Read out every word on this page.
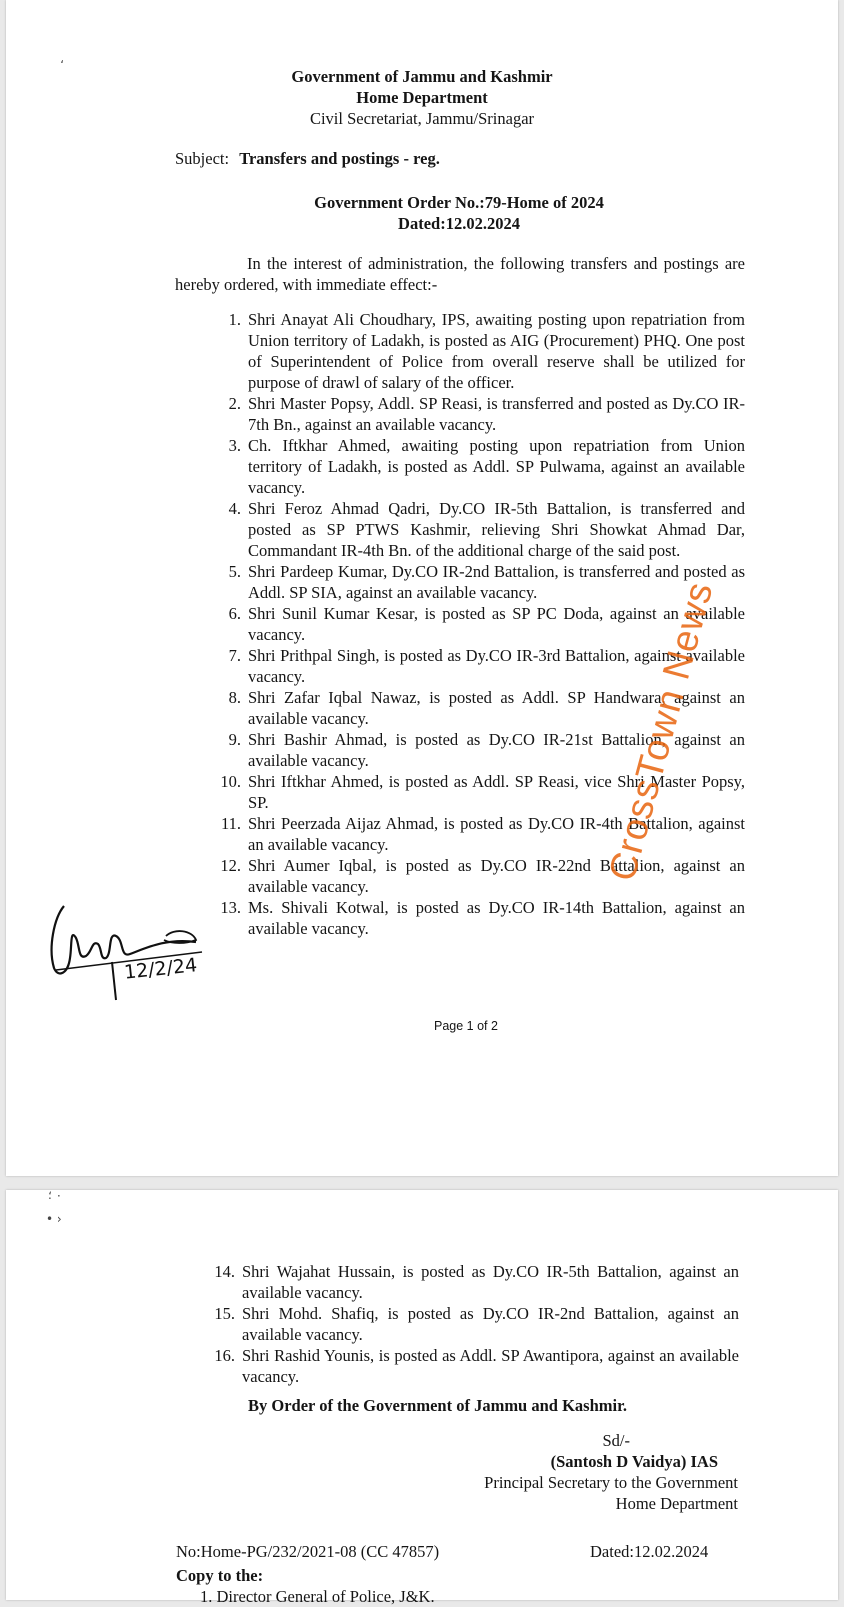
،
Government of Jammu and Kashmir
Home Department
Civil Secretariat, Jammu/Srinagar
Subject: Transfers and postings - reg.
Government Order No.:79-Home of 2024
Dated:12.02.2024
In the interest of administration, the following transfers and postings are hereby ordered, with immediate effect:-
1. Shri Anayat Ali Choudhary, IPS, awaiting posting upon repatriation from Union territory of Ladakh, is posted as AIG (Procurement) PHQ. One post of Superintendent of Police from overall reserve shall be utilized for purpose of drawl of salary of the officer.
2. Shri Master Popsy, Addl. SP Reasi, is transferred and posted as Dy.CO IR-7th Bn., against an available vacancy.
3. Ch. Iftkhar Ahmed, awaiting posting upon repatriation from Union territory of Ladakh, is posted as Addl. SP Pulwama, against an available vacancy.
4. Shri Feroz Ahmad Qadri, Dy.CO IR-5th Battalion, is transferred and posted as SP PTWS Kashmir, relieving Shri Showkat Ahmad Dar, Commandant IR-4th Bn. of the additional charge of the said post.
5. Shri Pardeep Kumar, Dy.CO IR-2nd Battalion, is transferred and posted as Addl. SP SIA, against an available vacancy.
6. Shri Sunil Kumar Kesar, is posted as SP PC Doda, against an available vacancy.
7. Shri Prithpal Singh, is posted as Dy.CO IR-3rd Battalion, against available vacancy.
8. Shri Zafar Iqbal Nawaz, is posted as Addl. SP Handwara, against an available vacancy.
9. Shri Bashir Ahmad, is posted as Dy.CO IR-21st Battalion, against an available vacancy.
10. Shri Iftkhar Ahmed, is posted as Addl. SP Reasi, vice Shri Master Popsy, SP.
11. Shri Peerzada Aijaz Ahmad, is posted as Dy.CO IR-4th Battalion, against an available vacancy.
12. Shri Aumer Iqbal, is posted as Dy.CO IR-22nd Battalion, against an available vacancy.
13. Ms. Shivali Kotwal, is posted as Dy.CO IR-14th Battalion, against an available vacancy.
CrossTown News
12/2/24
Page 1 of 2
٠ ؛
• ›
14. Shri Wajahat Hussain, is posted as Dy.CO IR-5th Battalion, against an available vacancy.
15. Shri Mohd. Shafiq, is posted as Dy.CO IR-2nd Battalion, against an available vacancy.
16. Shri Rashid Younis, is posted as Addl. SP Awantipora, against an available vacancy.
By Order of the Government of Jammu and Kashmir.
Sd/-
(Santosh D Vaidya) IAS
Principal Secretary to the Government
Home Department
No:Home-PG/232/2021-08 (CC 47857)	Dated:12.02.2024
Copy to the:
1. Director General of Police, J&K.
